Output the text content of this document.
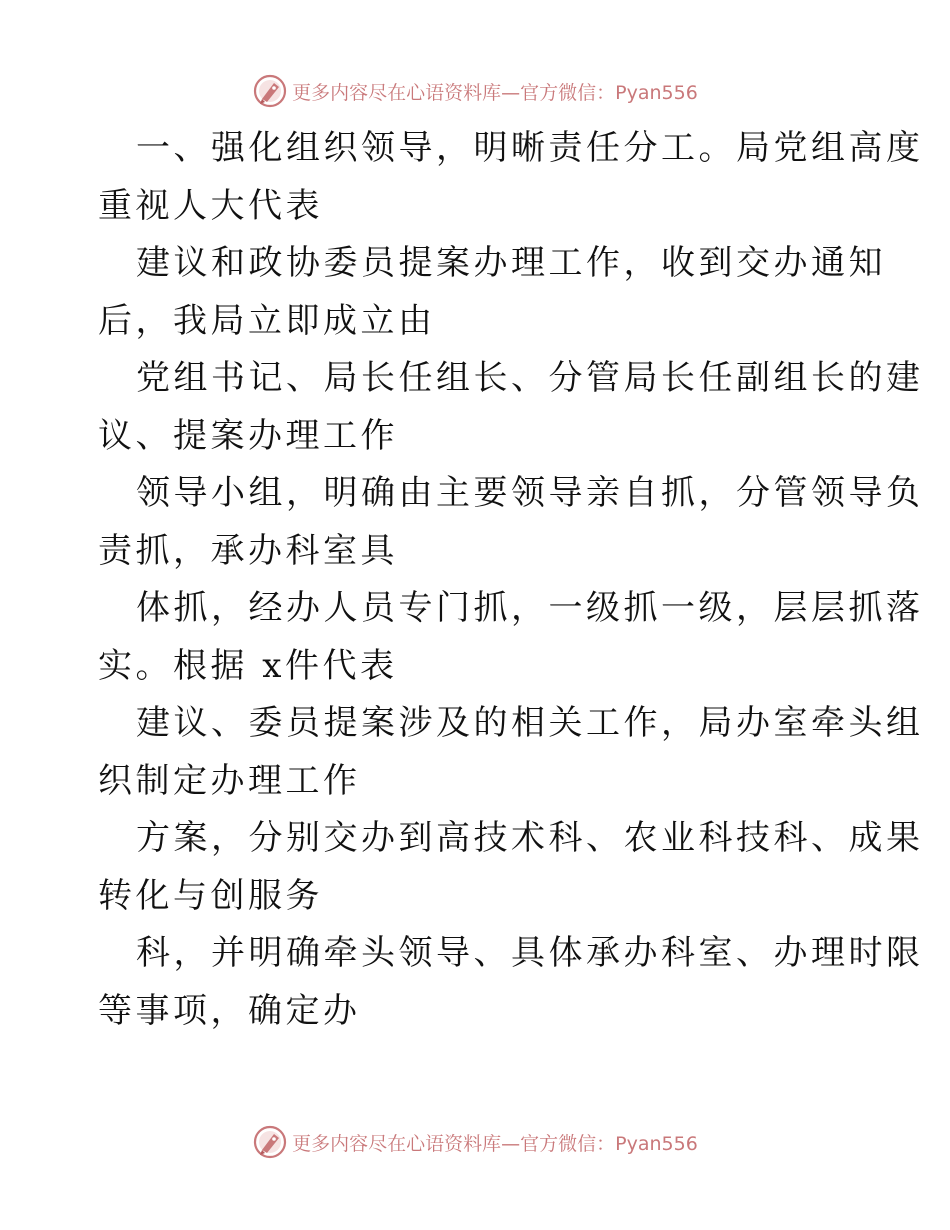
更多内容尽在心语资料库—官方微信：Pyan556
一、强化组织领导，明晰责任分工。局党组高度
重视人大代表
建议和政协委员提案办理工作，收到交办通知
后，我局立即成立由
党组书记、局长任组长、分管局长任副组长的建
议、提案办理工作
领导小组，明确由主要领导亲自抓，分管领导负
责抓，承办科室具
体抓，经办人员专门抓，一级抓一级，层层抓落
实。根据 x件代表
建议、委员提案涉及的相关工作，局办室牵头组
织制定办理工作
方案，分别交办到高技术科、农业科技科、成果
转化与创服务
科，并明确牵头领导、具体承办科室、办理时限
等事项，确定办
更多内容尽在心语资料库—官方微信：Pyan556
